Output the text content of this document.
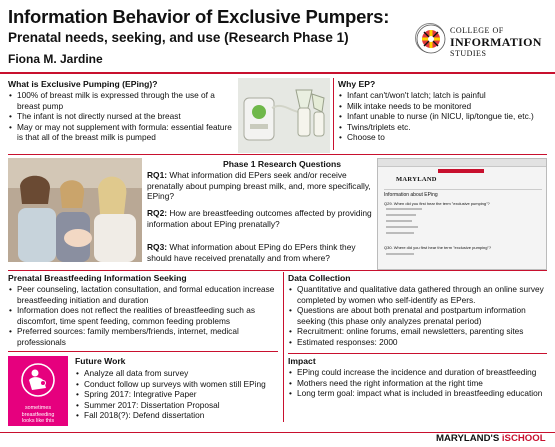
Information Behavior of Exclusive Pumpers:
Prenatal needs, seeking, and use (Research Phase 1)
Fiona M. Jardine
COLLEGE OF
INFORMATION
STUDIES
What is Exclusive Pumping (EPing)?
• 100% of breast milk is expressed through the use of a breast pump
• The infant is not directly nursed at the breast
• May or may not supplement with formula: essential feature is that all of the breast milk is pumped
Why EP?
• Infant can't/won't latch; latch is painful
• Milk intake needs to be monitored
• Infant unable to nurse (in NICU, lip/tongue tie, etc.)
• Twins/triplets etc.
• Choose to
Phase 1 Research Questions
RQ1: What information did EPers seek and/or receive prenatally about pumping breast milk, and, more specifically, EPing?
RQ2: How are breastfeeding outcomes affected by providing information about EPing prenatally?
RQ3: What information about EPing do EPers think they should have received prenatally and from where?
MARYLAND
Information about EPing
Q29. When did you first hear the term "exclusive pumping"?
Q30. Where did you first hear the term "exclusive pumping"?
Prenatal Breastfeeding Information Seeking
• Peer counseling, lactation consultation, and formal education increase breastfeeding initiation and duration
• Information does not reflect the realities of breastfeeding such as discomfort, time spent feeding, common feeding problems
• Preferred sources: family members/friends, internet, medical professionals
Data Collection
• Quantitative and qualitative data gathered through an online survey completed by women who self-identify as EPers.
• Questions are about both prenatal and postpartum information seeking (this phase only analyzes prenatal period)
• Recruitment: online forums, email newsletters, parenting sites
• Estimated responses: 2000
sometimes
breastfeeding
looks like this
Future Work
• Analyze all data from survey
• Conduct follow up surveys with women still EPing
• Spring 2017: Integrative Paper
• Summer 2017: Dissertation Proposal
• Fall 2018(?): Defend dissertation
Impact
• EPing could increase the incidence and duration of breastfeeding
• Mothers need the right information at the right time
• Long term goal: impact what is included in breastfeeding education
MARYLAND'S iSCHOOL
